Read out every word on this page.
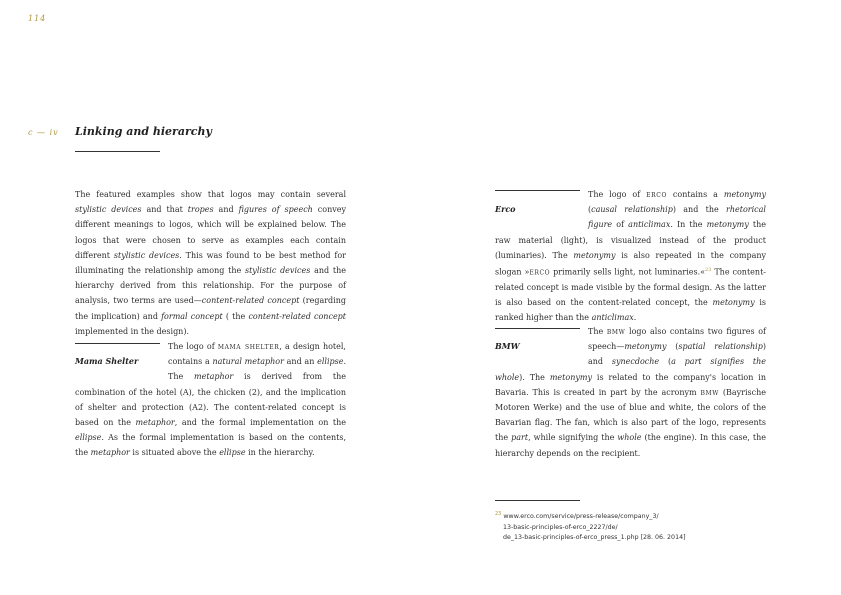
114
c — iv Linking and hierarchy
The featured examples show that logos may contain several stylistic devices and that tropes and figures of speech convey different meanings to logos, which will be explained below. The logos that were chosen to serve as examples each contain different stylistic devices. This was found to be best method for illuminating the relationship among the stylistic devices and the hierarchy derived from this relationship. For the purpose of analysis, two terms are used—content-related concept (regarding the implication) and formal concept ( the content-related concept implemented in the design).
Mama Shelter
The logo of mama shelter, a design hotel, contains a natural metaphor and an ellipse. The metaphor is derived from the combination of the hotel (A), the chicken (2), and the implication of shelter and protection (A2). The content-related concept is based on the metaphor, and the formal implementation on the ellipse. As the formal implementation is based on the contents, the metaphor is situated above the ellipse in the hierarchy.
Erco
The logo of erco contains a metonymy (causal relationship) and the rhetorical figure of anticlimax. In the metonymy the raw material (light), is visualized instead of the product (luminaries). The metonymy is also repeated in the company slogan »erco primarily sells light, not luminaries.«$^{23}$ The content-related concept is made visible by the formal design. As the latter is also based on the content-related concept, the metonymy is ranked higher than the anticlimax.
BMW
The bmw logo also contains two figures of speech—metonymy (spatial relationship) and synecdoche (a part signifies the whole). The metonymy is related to the company's location in Bavaria. This is created in part by the acronym bmw (Bayrische Motoren Werke) and the use of blue and white, the colors of the Bavarian flag. The fan, which is also part of the logo, represents the part, while signifying the whole (the engine). In this case, the hierarchy depends on the recipient.
$^{23}$ www.erco.com/service/press-release/company_3/
13-basic-principles-of-erco_2227/de/
de_13-basic-principles-of-erco_press_1.php [28. 06. 2014]
